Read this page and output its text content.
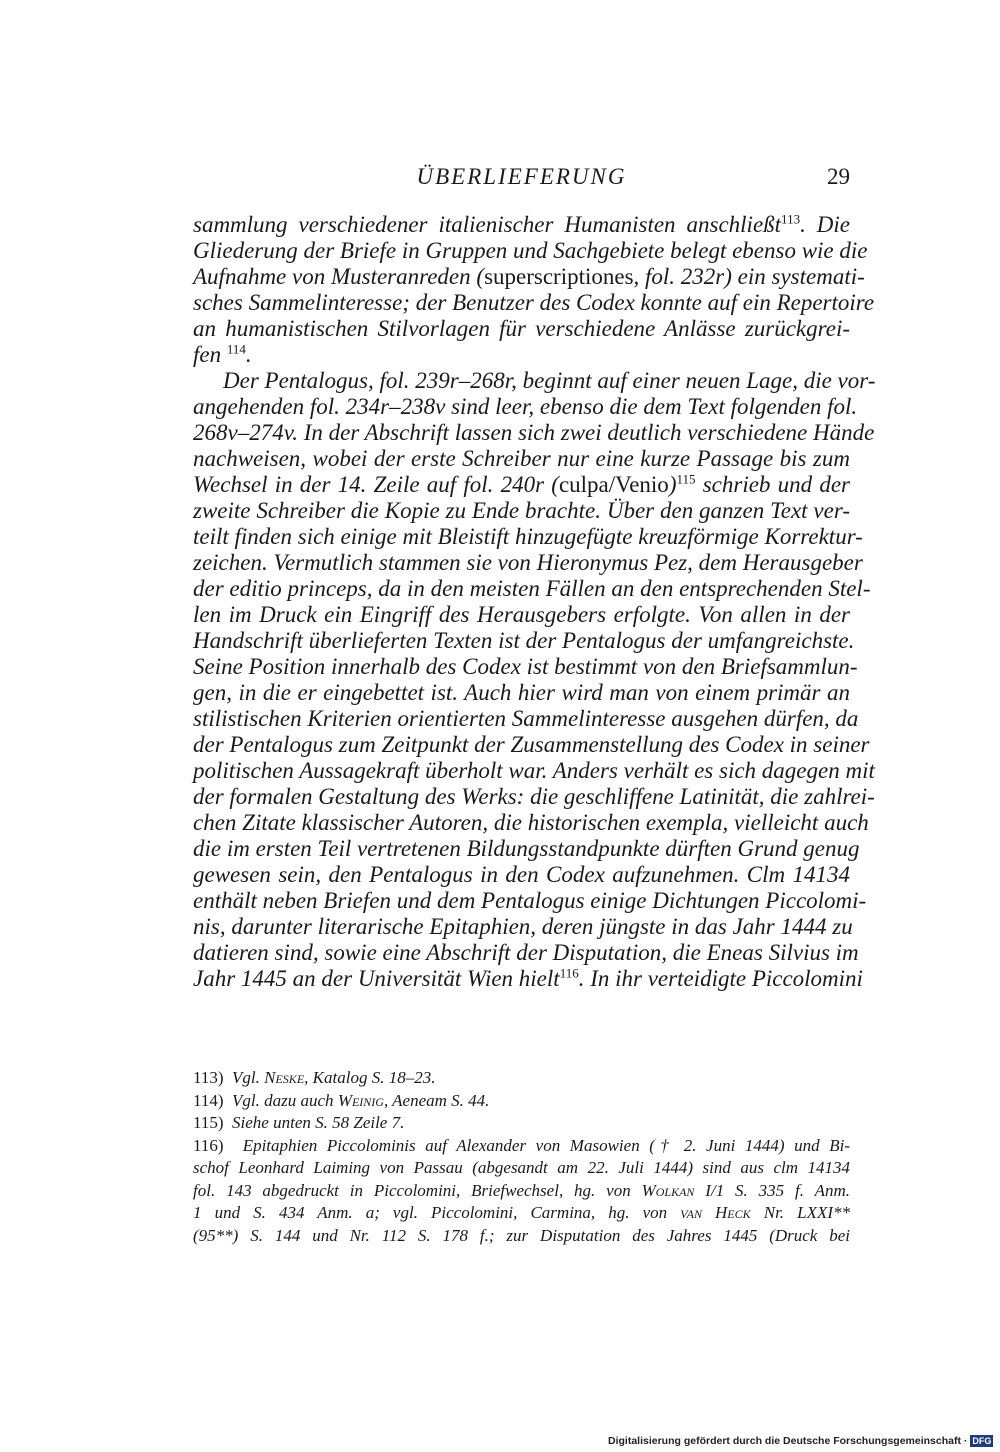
ÜBERLIEFERUNG	29
sammlung verschiedener italienischer Humanisten anschließt$^{113}$. Die
Gliederung der Briefe in Gruppen und Sachgebiete belegt ebenso wie die
Aufnahme von Musteranreden (superscriptiones, fol. 232r) ein systemati-
sches Sammelinteresse; der Benutzer des Codex konnte auf ein Repertoire
an humanistischen Stilvorlagen für verschiedene Anlässe zurückgrei-
fen $^{114}$.
Der Pentalogus, fol. 239r–268r, beginnt auf einer neuen Lage, die vor-
angehenden fol. 234r–238v sind leer, ebenso die dem Text folgenden fol.
268v–274v. In der Abschrift lassen sich zwei deutlich verschiedene Hände
nachweisen, wobei der erste Schreiber nur eine kurze Passage bis zum
Wechsel in der 14. Zeile auf fol. 240r (culpa/Venio)$^{115}$ schrieb und der
zweite Schreiber die Kopie zu Ende brachte. Über den ganzen Text ver-
teilt finden sich einige mit Bleistift hinzugefügte kreuzförmige Korrektur-
zeichen. Vermutlich stammen sie von Hieronymus Pez, dem Herausgeber
der editio princeps, da in den meisten Fällen an den entsprechenden Stel-
len im Druck ein Eingriff des Herausgebers erfolgte. Von allen in der
Handschrift überlieferten Texten ist der Pentalogus der umfangreichste.
Seine Position innerhalb des Codex ist bestimmt von den Briefsammlun-
gen, in die er eingebettet ist. Auch hier wird man von einem primär an
stilistischen Kriterien orientierten Sammelinteresse ausgehen dürfen, da
der Pentalogus zum Zeitpunkt der Zusammenstellung des Codex in seiner
politischen Aussagekraft überholt war. Anders verhält es sich dagegen mit
der formalen Gestaltung des Werks: die geschliffene Latinität, die zahlrei-
chen Zitate klassischer Autoren, die historischen exempla, vielleicht auch
die im ersten Teil vertretenen Bildungsstandpunkte dürften Grund genug
gewesen sein, den Pentalogus in den Codex aufzunehmen. Clm 14134
enthält neben Briefen und dem Pentalogus einige Dichtungen Piccolomi-
nis, darunter literarische Epitaphien, deren jüngste in das Jahr 1444 zu
datieren sind, sowie eine Abschrift der Disputation, die Eneas Silvius im
Jahr 1445 an der Universität Wien hielt$^{116}$. In ihr verteidigte Piccolomini
113) Vgl. Neske, Katalog S. 18–23.
114) Vgl. dazu auch Weinig, Aeneam S. 44.
115) Siehe unten S. 58 Zeile 7.
116) Epitaphien Piccolominis auf Alexander von Masowien († 2. Juni 1444) und Bi-
schof Leonhard Laiming von Passau (abgesandt am 22. Juli 1444) sind aus clm 14134
fol. 143 abgedruckt in Piccolomini, Briefwechsel, hg. von Wolkan I/1 S. 335 f. Anm.
1 und S. 434 Anm. a; vgl. Piccolomini, Carmina, hg. von van Heck Nr. LXXI**
(95**) S. 144 und Nr. 112 S. 178 f.; zur Disputation des Jahres 1445 (Druck bei
Digitalisierung gefördert durch die Deutsche Forschungsgemeinschaft · DFG
